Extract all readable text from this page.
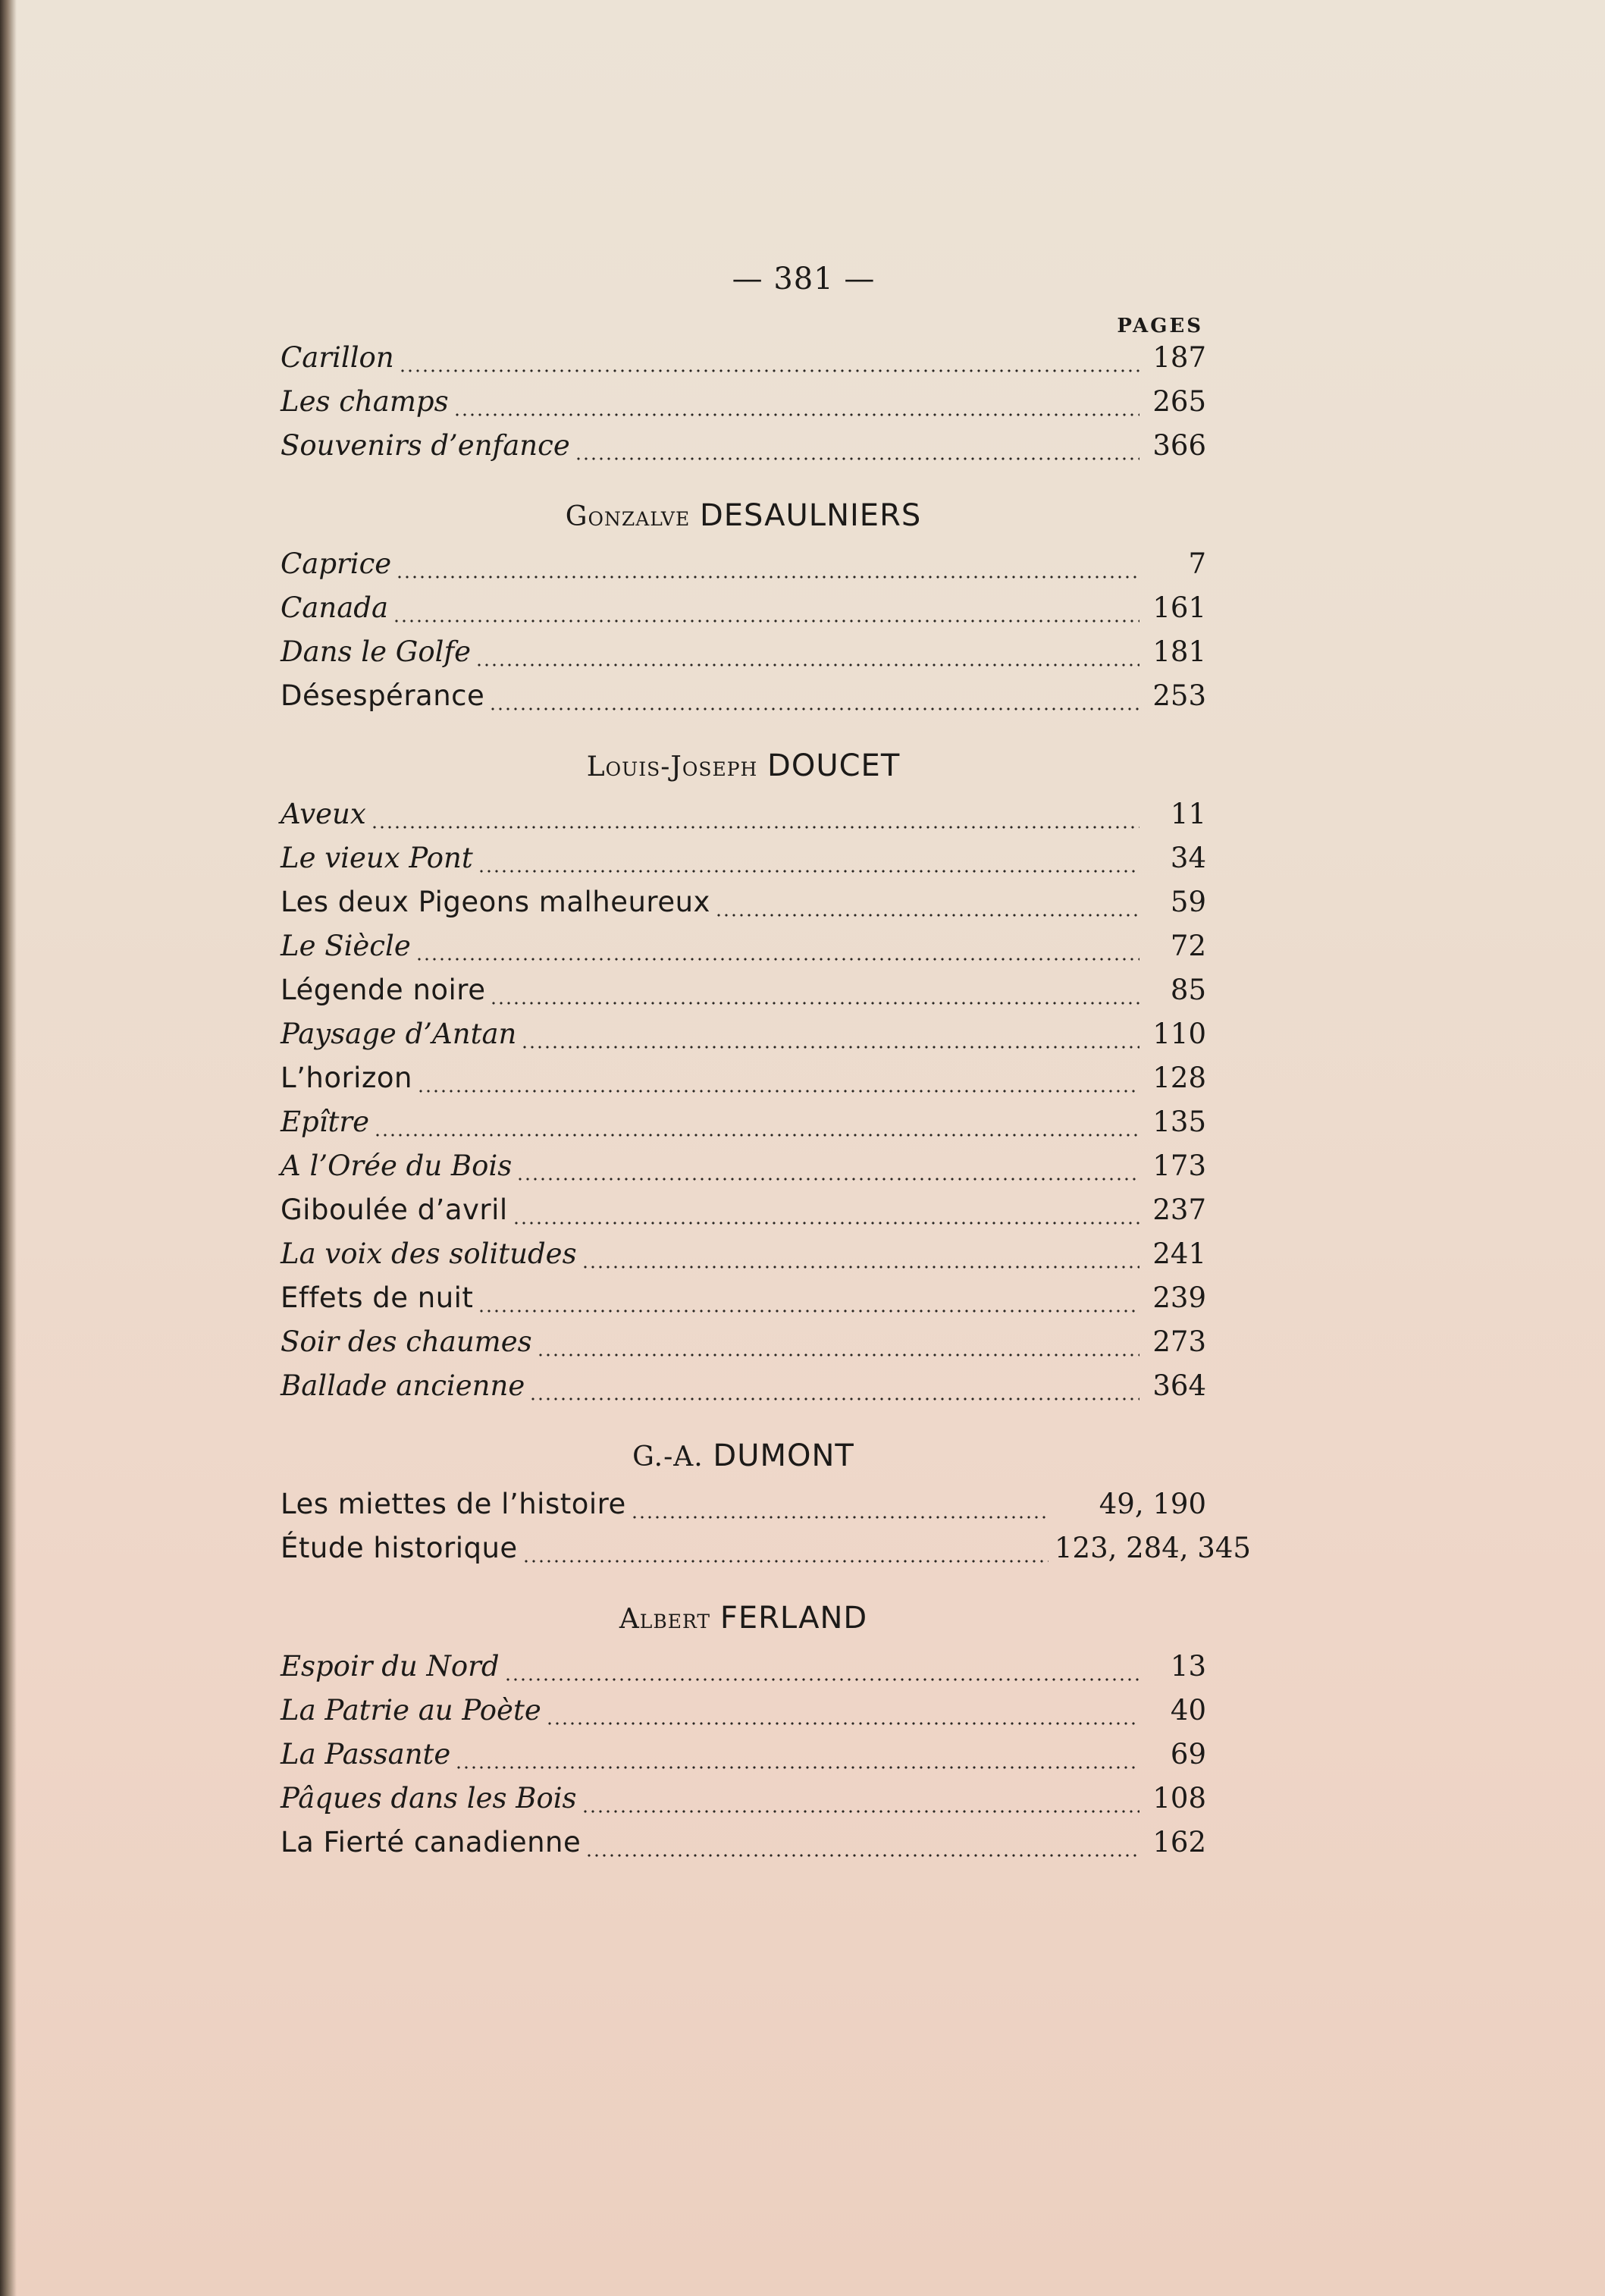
— 381 —
PAGES
Carillon	187
Les champs	265
Souvenirs d’enfance	366
Gonzalve DESAULNIERS
Caprice	7
Canada	161
Dans le Golfe	181
Désespérance	253
Louis-Joseph DOUCET
Aveux	11
Le vieux Pont	34
Les deux Pigeons malheureux	59
Le Siècle	72
Légende noire	85
Paysage d’Antan	110
L’horizon	128
Epître	135
A l’Orée du Bois	173
Giboulée d’avril	237
La voix des solitudes	241
Effets de nuit	239
Soir des chaumes	273
Ballade ancienne	364
G.-A. DUMONT
Les miettes de l’histoire	49, 190
Étude historique	123, 284, 345
Albert FERLAND
Espoir du Nord	13
La Patrie au Poète	40
La Passante	69
Pâques dans les Bois	108
La Fierté canadienne	162
